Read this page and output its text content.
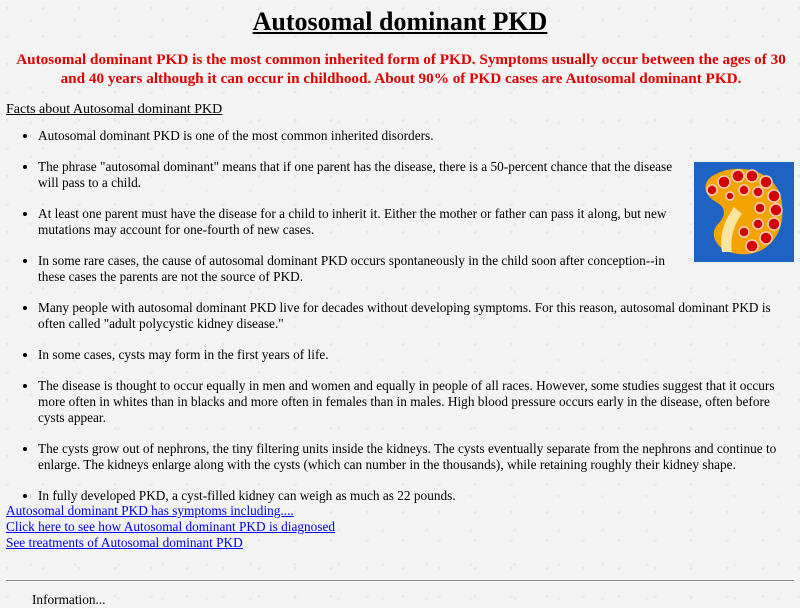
Autosomal dominant PKD

Autosomal dominant PKD is the most common inherited form of PKD. Symptoms usually occur between the ages of 30 and 40 years although it can occur in childhood. About 90% of PKD cases are Autosomal dominant PKD.

Facts about Autosomal dominant PKD
• Autosomal dominant PKD is one of the most common inherited disorders.
• The phrase "autosomal dominant" means that if one parent has the disease, there is a 50-percent chance that the disease will pass to a child.
• At least one parent must have the disease for a child to inherit it. Either the mother or father can pass it along, but new mutations may account for one-fourth of new cases.
• In some rare cases, the cause of autosomal dominant PKD occurs spontaneously in the child soon after conception--in these cases the parents are not the source of PKD.
• Many people with autosomal dominant PKD live for decades without developing symptoms. For this reason, autosomal dominant PKD is often called "adult polycystic kidney disease."
• In some cases, cysts may form in the first years of life.
• The disease is thought to occur equally in men and women and equally in people of all races. However, some studies suggest that it occurs more often in whites than in blacks and more often in females than in males. High blood pressure occurs early in the disease, often before cysts appear.
• The cysts grow out of nephrons, the tiny filtering units inside the kidneys. The cysts eventually separate from the nephrons and continue to enlarge. The kidneys enlarge along with the cysts (which can number in the thousands), while retaining roughly their kidney shape.
• In fully developed PKD, a cyst-filled kidney can weigh as much as 22 pounds.
Autosomal dominant PKD has symptoms including....
Click here to see how Autosomal dominant PKD is diagnosed
See treatments of Autosomal dominant PKD
Information...
